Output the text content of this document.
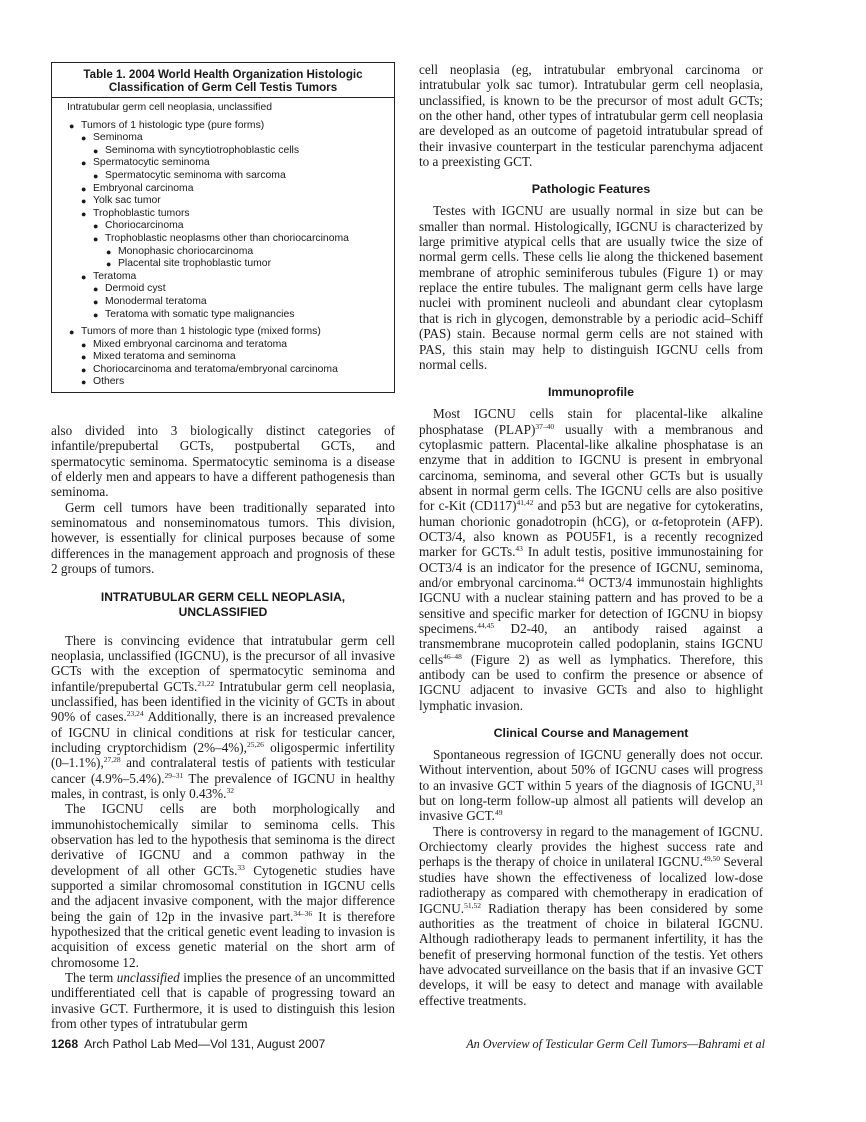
Table 1. 2004 World Health Organization Histologic
Classification of Germ Cell Testis Tumors
Intratubular germ cell neoplasia, unclassified
● Tumors of 1 histologic type (pure forms)
● Seminoma
● Seminoma with syncytiotrophoblastic cells
● Spermatocytic seminoma
● Spermatocytic seminoma with sarcoma
● Embryonal carcinoma
● Yolk sac tumor
● Trophoblastic tumors
● Choriocarcinoma
● Trophoblastic neoplasms other than choriocarcinoma
● Monophasic choriocarcinoma
● Placental site trophoblastic tumor
● Teratoma
● Dermoid cyst
● Monodermal teratoma
● Teratoma with somatic type malignancies
● Tumors of more than 1 histologic type (mixed forms)
● Mixed embryonal carcinoma and teratoma
● Mixed teratoma and seminoma
● Choriocarcinoma and teratoma/embryonal carcinoma
● Others

also divided into 3 biologically distinct categories of infantile/prepubertal GCTs, postpubertal GCTs, and spermatocytic seminoma. Spermatocytic seminoma is a disease of elderly men and appears to have a different pathogenesis than seminoma.

Germ cell tumors have been traditionally separated into seminomatous and nonseminomatous tumors. This division, however, is essentially for clinical purposes because of some differences in the management approach and prognosis of these 2 groups of tumors.

INTRATUBULAR GERM CELL NEOPLASIA,
UNCLASSIFIED

There is convincing evidence that intratubular germ cell neoplasia, unclassified (IGCNU), is the precursor of all invasive GCTs with the exception of spermatocytic seminoma and infantile/prepubertal GCTs.$^{21,22}$ Intratubular germ cell neoplasia, unclassified, has been identified in the vicinity of GCTs in about 90% of cases.$^{23,24}$ Additionally, there is an increased prevalence of IGCNU in clinical conditions at risk for testicular cancer, including cryptorchidism (2%–4%),$^{25,26}$ oligospermic infertility (0–1.1%),$^{27,28}$ and contralateral testis of patients with testicular cancer (4.9%–5.4%).$^{29-31}$ The prevalence of IGCNU in healthy males, in contrast, is only 0.43%.$^{32}$

The IGCNU cells are both morphologically and immunohistochemically similar to seminoma cells. This observation has led to the hypothesis that seminoma is the direct derivative of IGCNU and a common pathway in the development of all other GCTs.$^{33}$ Cytogenetic studies have supported a similar chromosomal constitution in IGCNU cells and the adjacent invasive component, with the major difference being the gain of 12p in the invasive part.$^{34-36}$ It is therefore hypothesized that the critical genetic event leading to invasion is acquisition of excess genetic material on the short arm of chromosome 12.

The term unclassified implies the presence of an uncommitted undifferentiated cell that is capable of progressing toward an invasive GCT. Furthermore, it is used to distinguish this lesion from other types of intratubular germ

cell neoplasia (eg, intratubular embryonal carcinoma or intratubular yolk sac tumor). Intratubular germ cell neoplasia, unclassified, is known to be the precursor of most adult GCTs; on the other hand, other types of intratubular germ cell neoplasia are developed as an outcome of pagetoid intratubular spread of their invasive counterpart in the testicular parenchyma adjacent to a preexisting GCT.

Pathologic Features

Testes with IGCNU are usually normal in size but can be smaller than normal. Histologically, IGCNU is characterized by large primitive atypical cells that are usually twice the size of normal germ cells. These cells lie along the thickened basement membrane of atrophic seminiferous tubules (Figure 1) or may replace the entire tubules. The malignant germ cells have large nuclei with prominent nucleoli and abundant clear cytoplasm that is rich in glycogen, demonstrable by a periodic acid–Schiff (PAS) stain. Because normal germ cells are not stained with PAS, this stain may help to distinguish IGCNU cells from normal cells.

Immunoprofile

Most IGCNU cells stain for placental-like alkaline phosphatase (PLAP)$^{37-40}$ usually with a membranous and cytoplasmic pattern. Placental-like alkaline phosphatase is an enzyme that in addition to IGCNU is present in embryonal carcinoma, seminoma, and several other GCTs but is usually absent in normal germ cells. The IGCNU cells are also positive for c-Kit $(CD117)^{41,42}$ and p53 but are negative for cytokeratins, human chorionic gonadotropin (hCG), or α-fetoprotein (AFP). OCT3/4, also known as POU5F1, is a recently recognized marker for GCTs.$^{43}$ In adult testis, positive immunostaining for OCT3/4 is an indicator for the presence of IGCNU, seminoma, and/or embryonal carcinoma.$^{44}$ OCT3/4 immunostain highlights IGCNU with a nuclear staining pattern and has proved to be a sensitive and specific marker for detection of IGCNU in biopsy specimens.$^{44,45}$ D2-40, an antibody raised against a transmembrane mucoprotein called podoplanin, stains IGCNU cells$^{46-48}$ (Figure 2) as well as lymphatics. Therefore, this antibody can be used to confirm the presence or absence of IGCNU adjacent to invasive GCTs and also to highlight lymphatic invasion.

Clinical Course and Management

Spontaneous regression of IGCNU generally does not occur. Without intervention, about 50% of IGCNU cases will progress to an invasive GCT within 5 years of the diagnosis of IGCNU,$^{31}$ but on long-term follow-up almost all patients will develop an invasive GCT.$^{49}$

There is controversy in regard to the management of IGCNU. Orchiectomy clearly provides the highest success rate and perhaps is the therapy of choice in unilateral IGCNU.$^{49,50}$ Several studies have shown the effectiveness of localized low-dose radiotherapy as compared with chemotherapy in eradication of IGCNU.$^{51,52}$ Radiation therapy has been considered by some authorities as the treatment of choice in bilateral IGCNU. Although radiotherapy leads to permanent infertility, it has the benefit of preserving hormonal function of the testis. Yet others have advocated surveillance on the basis that if an invasive GCT develops, it will be easy to detect and manage with available effective treatments.

1268 Arch Pathol Lab Med—Vol 131, August 2007	An Overview of Testicular Germ Cell Tumors—Bahrami et al
